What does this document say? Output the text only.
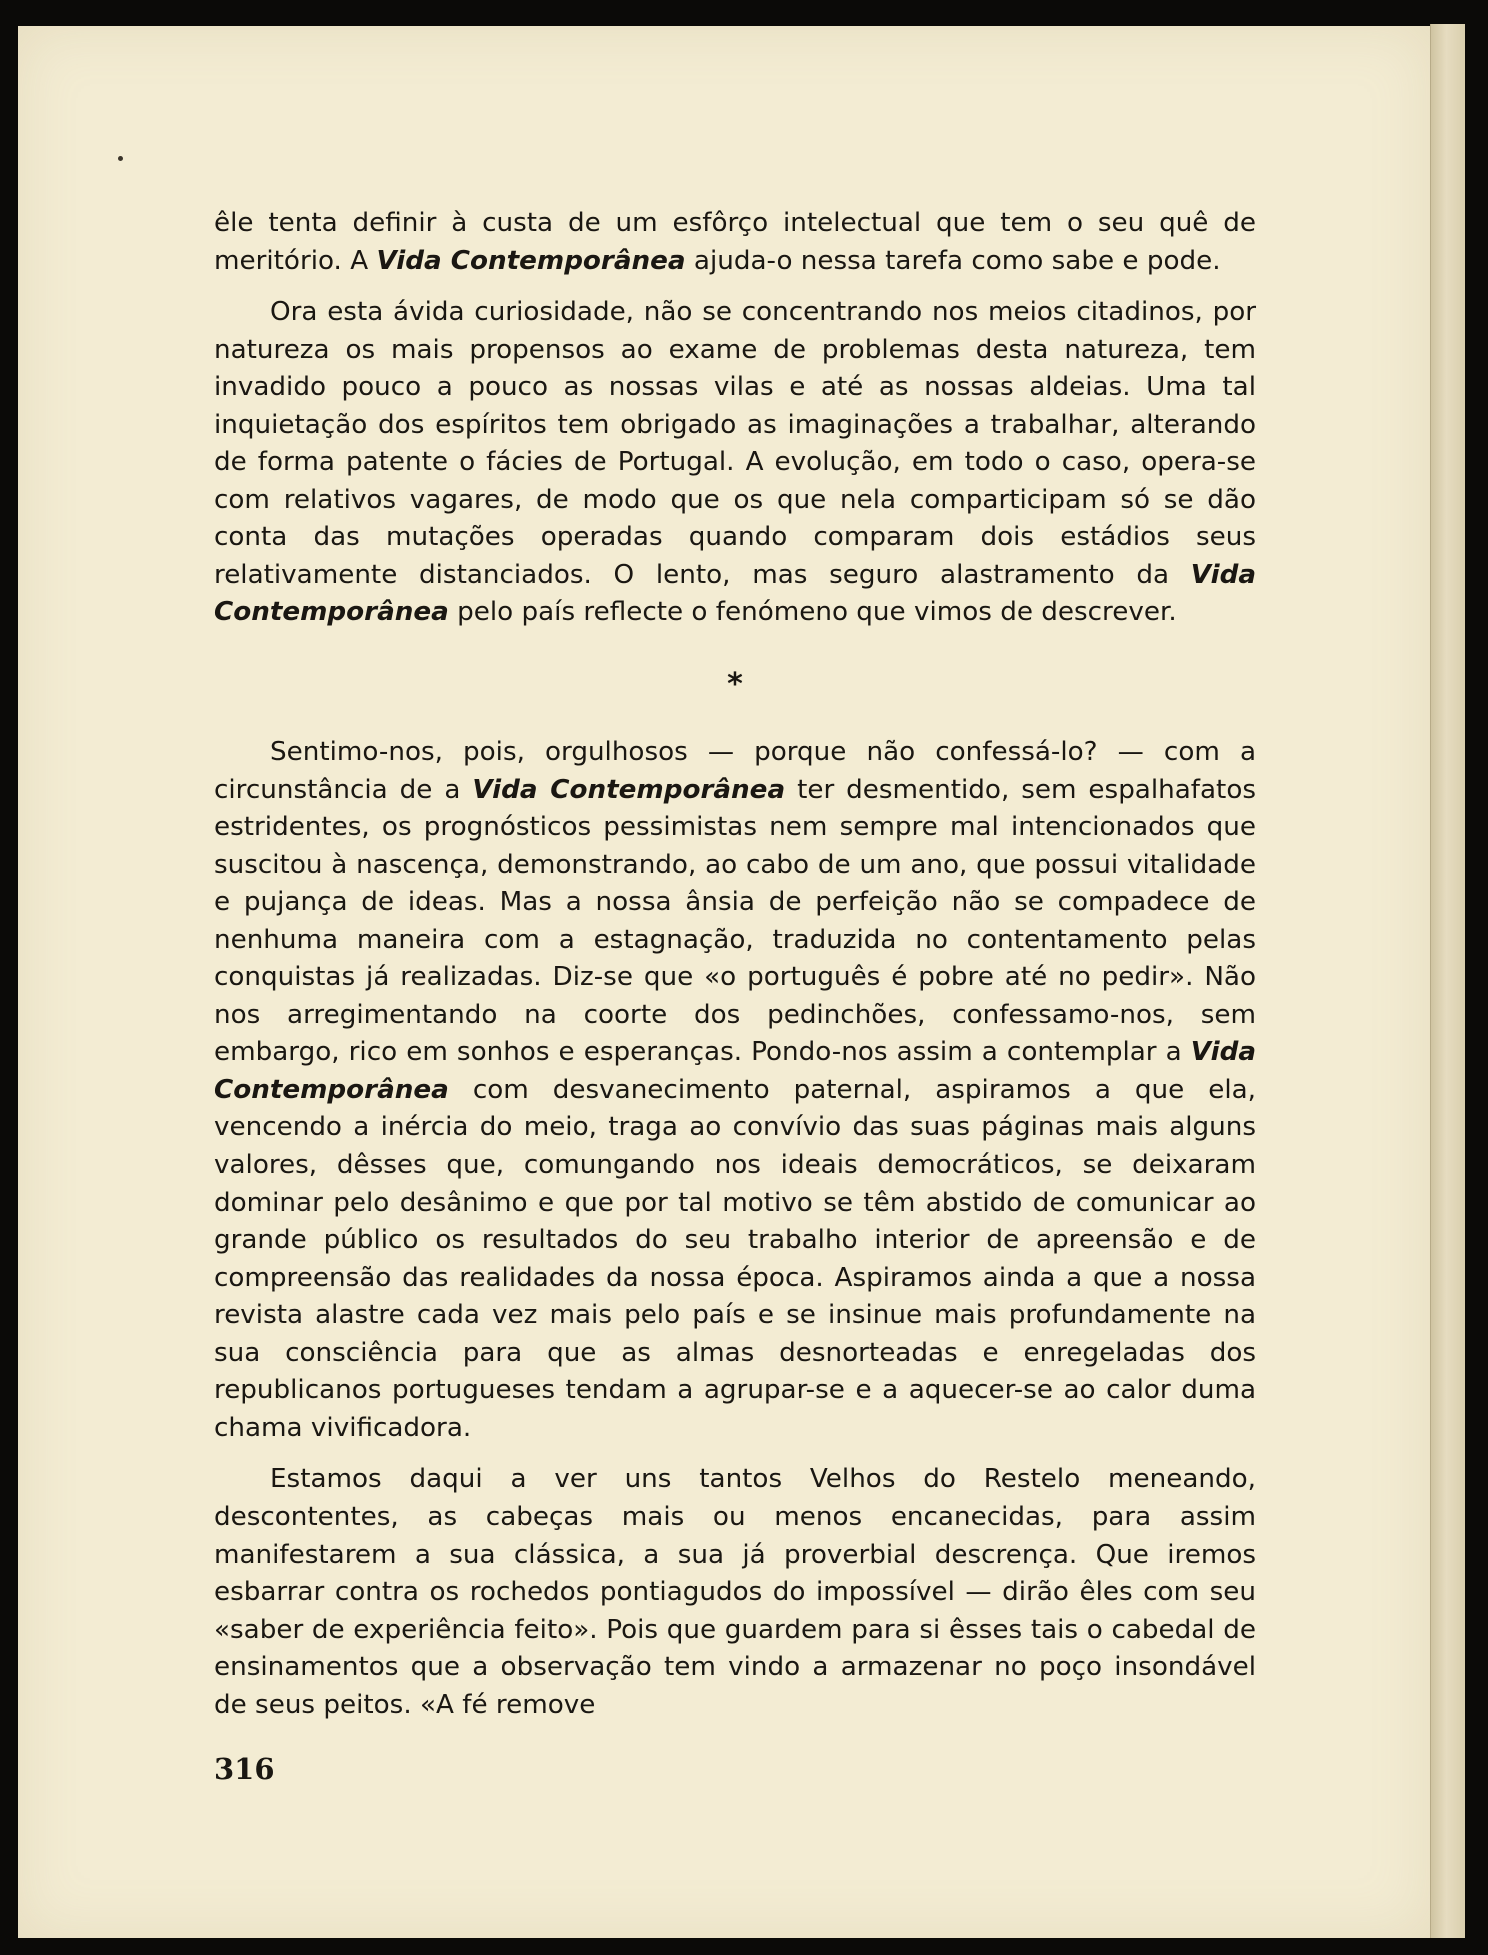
êle tenta definir à custa de um esfôrço intelectual que tem o seu quê de meritório. A Vida Contemporânea ajuda-o nessa tarefa como sabe e pode.

Ora esta ávida curiosidade, não se concentrando nos meios citadinos, por natureza os mais propensos ao exame de problemas desta natureza, tem invadido pouco a pouco as nossas vilas e até as nossas aldeias. Uma tal inquietação dos espíritos tem obrigado as imaginações a trabalhar, alterando de forma patente o fácies de Portugal. A evolução, em todo o caso, opera-se com relativos vagares, de modo que os que nela comparticipam só se dão conta das mutações operadas quando comparam dois estádios seus relativamente distanciados. O lento, mas seguro alastramento da Vida Contemporânea pelo país reflecte o fenómeno que vimos de descrever.

*

Sentimo-nos, pois, orgulhosos — porque não confessá-lo? — com a circunstância de a Vida Contemporânea ter desmentido, sem espalhafatos estridentes, os prognósticos pessimistas nem sempre mal intencionados que suscitou à nascença, demonstrando, ao cabo de um ano, que possui vitalidade e pujança de ideas. Mas a nossa ânsia de perfeição não se compadece de nenhuma maneira com a estagnação, traduzida no contentamento pelas conquistas já realizadas. Diz-se que «o português é pobre até no pedir». Não nos arregimentando na coorte dos pedinchões, confessamo-nos, sem embargo, rico em sonhos e esperanças. Pondo-nos assim a contemplar a Vida Contemporânea com desvanecimento paternal, aspiramos a que ela, vencendo a inércia do meio, traga ao convívio das suas páginas mais alguns valores, dêsses que, comungando nos ideais democráticos, se deixaram dominar pelo desânimo e que por tal motivo se têm abstido de comunicar ao grande público os resultados do seu trabalho interior de apreensão e de compreensão das realidades da nossa época. Aspiramos ainda a que a nossa revista alastre cada vez mais pelo país e se insinue mais profundamente na sua consciência para que as almas desnorteadas e enregeladas dos republicanos portugueses tendam a agrupar-se e a aquecer-se ao calor duma chama vivificadora.

Estamos daqui a ver uns tantos Velhos do Restelo meneando, descontentes, as cabeças mais ou menos encanecidas, para assim manifestarem a sua clássica, a sua já proverbial descrença. Que iremos esbarrar contra os rochedos pontiagudos do impossível — dirão êles com seu «saber de experiência feito». Pois que guardem para si êsses tais o cabedal de ensinamentos que a observação tem vindo a armazenar no poço insondável de seus peitos. «A fé remove

316
